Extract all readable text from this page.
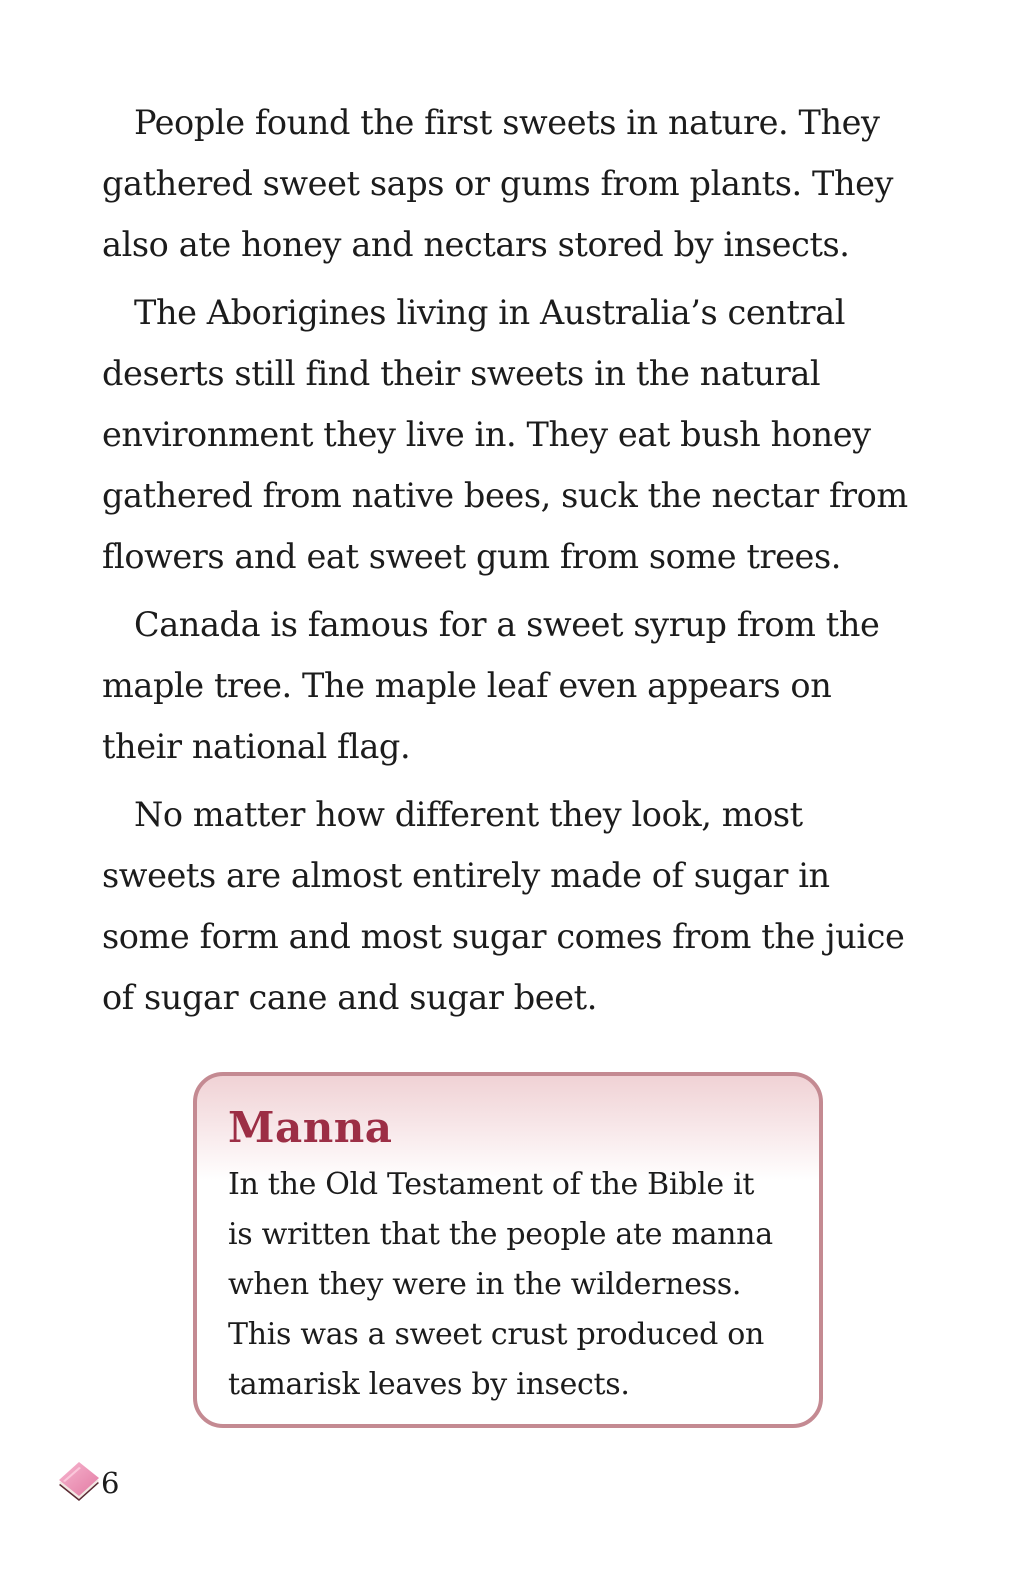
People found the first sweets in nature. They
gathered sweet saps or gums from plants. They
also ate honey and nectars stored by insects.

The Aborigines living in Australia’s central
deserts still find their sweets in the natural
environment they live in. They eat bush honey
gathered from native bees, suck the nectar from
flowers and eat sweet gum from some trees.

Canada is famous for a sweet syrup from the
maple tree. The maple leaf even appears on
their national flag.

No matter how different they look, most
sweets are almost entirely made of sugar in
some form and most sugar comes from the juice
of sugar cane and sugar beet.

Manna

In the Old Testament of the Bible it
is written that the people ate manna
when they were in the wilderness.
This was a sweet crust produced on
tamarisk leaves by insects.

6
